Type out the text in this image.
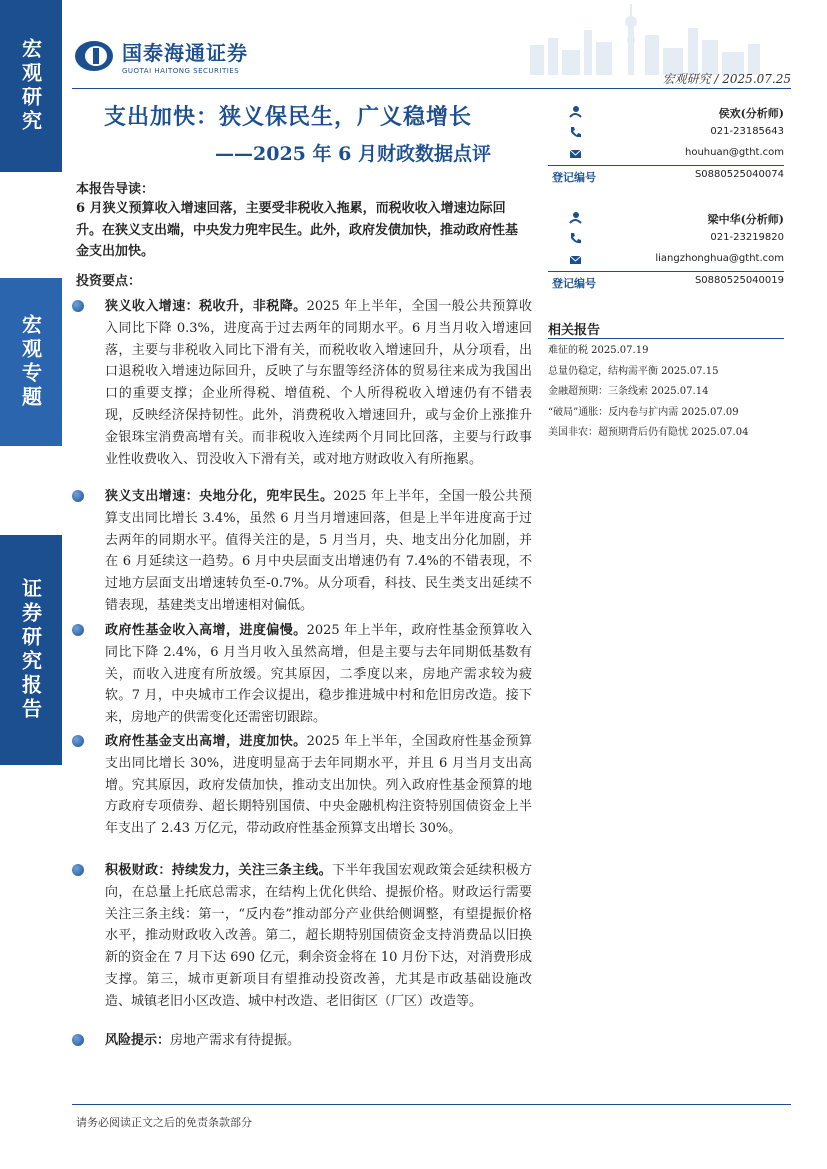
宏观研究
宏观专题
证券研究报告
国泰海通证券
GUOTAI HAITONG SECURITIES
宏观研究 / 2025.07.25
支出加快：狭义保民生，广义稳增长
——2025 年 6 月财政数据点评
本报告导读：
6 月狭义预算收入增速回落，主要受非税收入拖累，而税收收入增速边际回升。在狭义支出端，中央发力兜牢民生。此外，政府发债加快，推动政府性基金支出加快。
投资要点：
狭义收入增速：税收升，非税降。2025 年上半年，全国一般公共预算收入同比下降 0.3%，进度高于过去两年的同期水平。6 月当月收入增速回落，主要与非税收入同比下滑有关，而税收收入增速回升，从分项看，出口退税收入增速边际回升，反映了与东盟等经济体的贸易往来成为我国出口的重要支撑；企业所得税、增值税、个人所得税收入增速仍有不错表现，反映经济保持韧性。此外，消费税收入增速回升，或与金价上涨推升金银珠宝消费高增有关。而非税收入连续两个月同比回落，主要与行政事业性收费收入、罚没收入下滑有关，或对地方财政收入有所拖累。
狭义支出增速：央地分化，兜牢民生。2025 年上半年，全国一般公共预算支出同比增长 3.4%，虽然 6 月当月增速回落，但是上半年进度高于过去两年的同期水平。值得关注的是，5 月当月，央、地支出分化加剧，并在 6 月延续这一趋势。6 月中央层面支出增速仍有 7.4%的不错表现，不过地方层面支出增速转负至-0.7%。从分项看，科技、民生类支出延续不错表现，基建类支出增速相对偏低。
政府性基金收入高增，进度偏慢。2025 年上半年，政府性基金预算收入同比下降 2.4%，6 月当月收入虽然高增，但是主要与去年同期低基数有关，而收入进度有所放缓。究其原因，二季度以来，房地产需求较为疲软。7 月，中央城市工作会议提出，稳步推进城中村和危旧房改造。接下来，房地产的供需变化还需密切跟踪。
政府性基金支出高增，进度加快。2025 年上半年，全国政府性基金预算支出同比增长 30%，进度明显高于去年同期水平，并且 6 月当月支出高增。究其原因，政府发债加快，推动支出加快。列入政府性基金预算的地方政府专项债券、超长期特别国债、中央金融机构注资特别国债资金上半年支出了 2.43 万亿元，带动政府性基金预算支出增长 30%。
积极财政：持续发力，关注三条主线。下半年我国宏观政策会延续积极方向，在总量上托底总需求，在结构上优化供给、提振价格。财政运行需要关注三条主线：第一，“反内卷”推动部分产业供给侧调整，有望提振价格水平，推动财政收入改善。第二，超长期特别国债资金支持消费品以旧换新的资金在 7 月下达 690 亿元，剩余资金将在 10 月份下达，对消费形成支撑。第三，城市更新项目有望推动投资改善，尤其是市政基础设施改造、城镇老旧小区改造、城中村改造、老旧街区（厂区）改造等。
风险提示：房地产需求有待提振。
侯欢(分析师)
021-23185643
houhuan@gtht.com
登记编号	S0880525040074
梁中华(分析师)
021-23219820
liangzhonghua@gtht.com
登记编号	S0880525040019
相关报告
难征的税 2025.07.19
总量仍稳定，结构需平衡 2025.07.15
金融超预期：三条线索 2025.07.14
“破局”通胀：反内卷与扩内需 2025.07.09
美国非农：超预期背后仍有隐忧 2025.07.04
请务必阅读正文之后的免责条款部分
